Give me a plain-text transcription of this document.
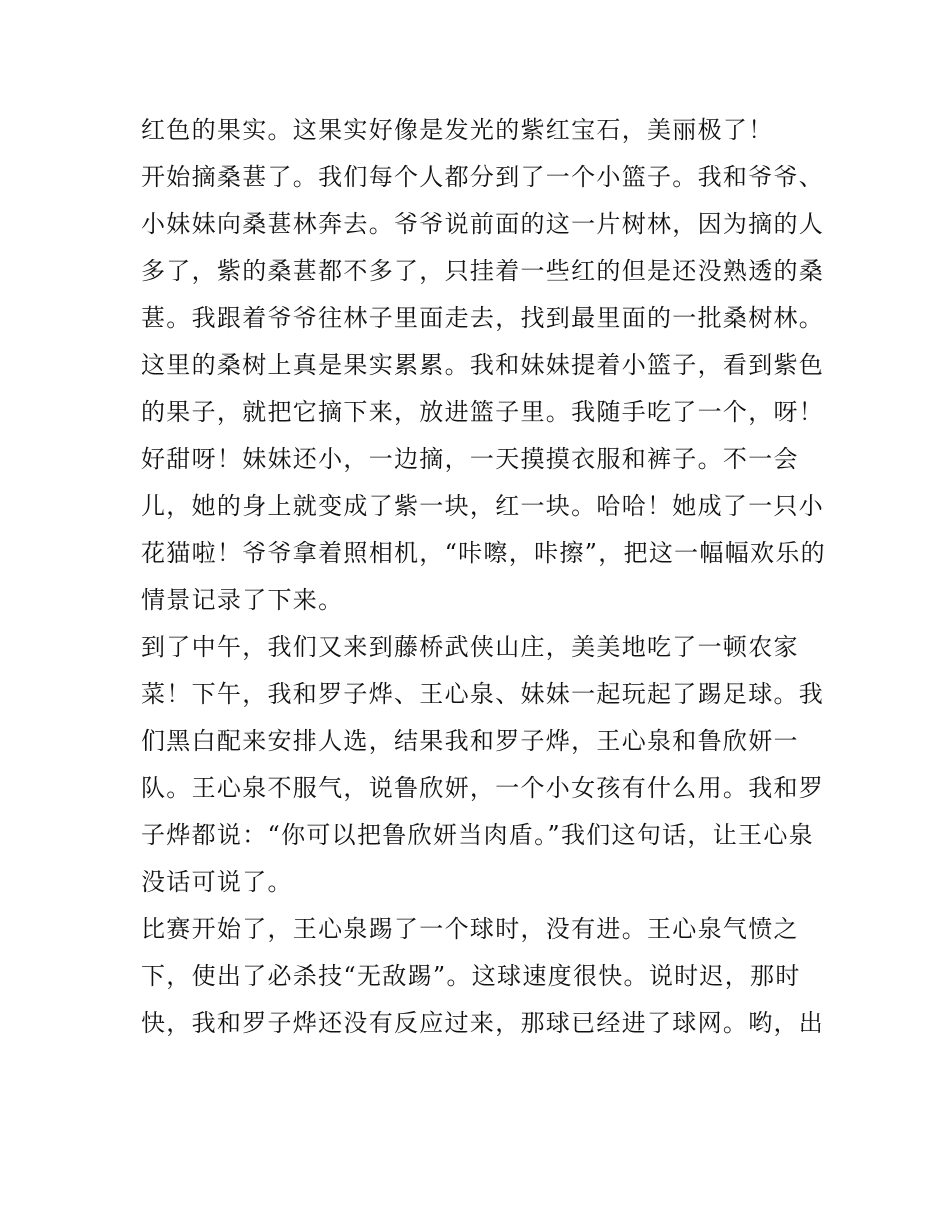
红色的果实。这果实好像是发光的紫红宝石，美丽极了！
开始摘桑葚了。我们每个人都分到了一个小篮子。我和爷爷、
小妹妹向桑葚林奔去。爷爷说前面的这一片树林，因为摘的人
多了，紫的桑葚都不多了，只挂着一些红的但是还没熟透的桑
葚。我跟着爷爷往林子里面走去，找到最里面的一批桑树林。
这里的桑树上真是果实累累。我和妹妹提着小篮子，看到紫色
的果子，就把它摘下来，放进篮子里。我随手吃了一个，呀！
好甜呀！妹妹还小，一边摘，一天摸摸衣服和裤子。不一会
儿，她的身上就变成了紫一块，红一块。哈哈！她成了一只小
花猫啦！爷爷拿着照相机，“咔嚓，咔擦”，把这一幅幅欢乐的
情景记录了下来。
到了中午，我们又来到藤桥武侠山庄，美美地吃了一顿农家
菜！下午，我和罗子烨、王心泉、妹妹一起玩起了踢足球。我
们黑白配来安排人选，结果我和罗子烨，王心泉和鲁欣妍一
队。王心泉不服气，说鲁欣妍，一个小女孩有什么用。我和罗
子烨都说：“你可以把鲁欣妍当肉盾。”我们这句话，让王心泉
没话可说了。
比赛开始了，王心泉踢了一个球时，没有进。王心泉气愤之
下，使出了必杀技“无敌踢”。这球速度很快。说时迟，那时
快，我和罗子烨还没有反应过来，那球已经进了球网。哟，出
